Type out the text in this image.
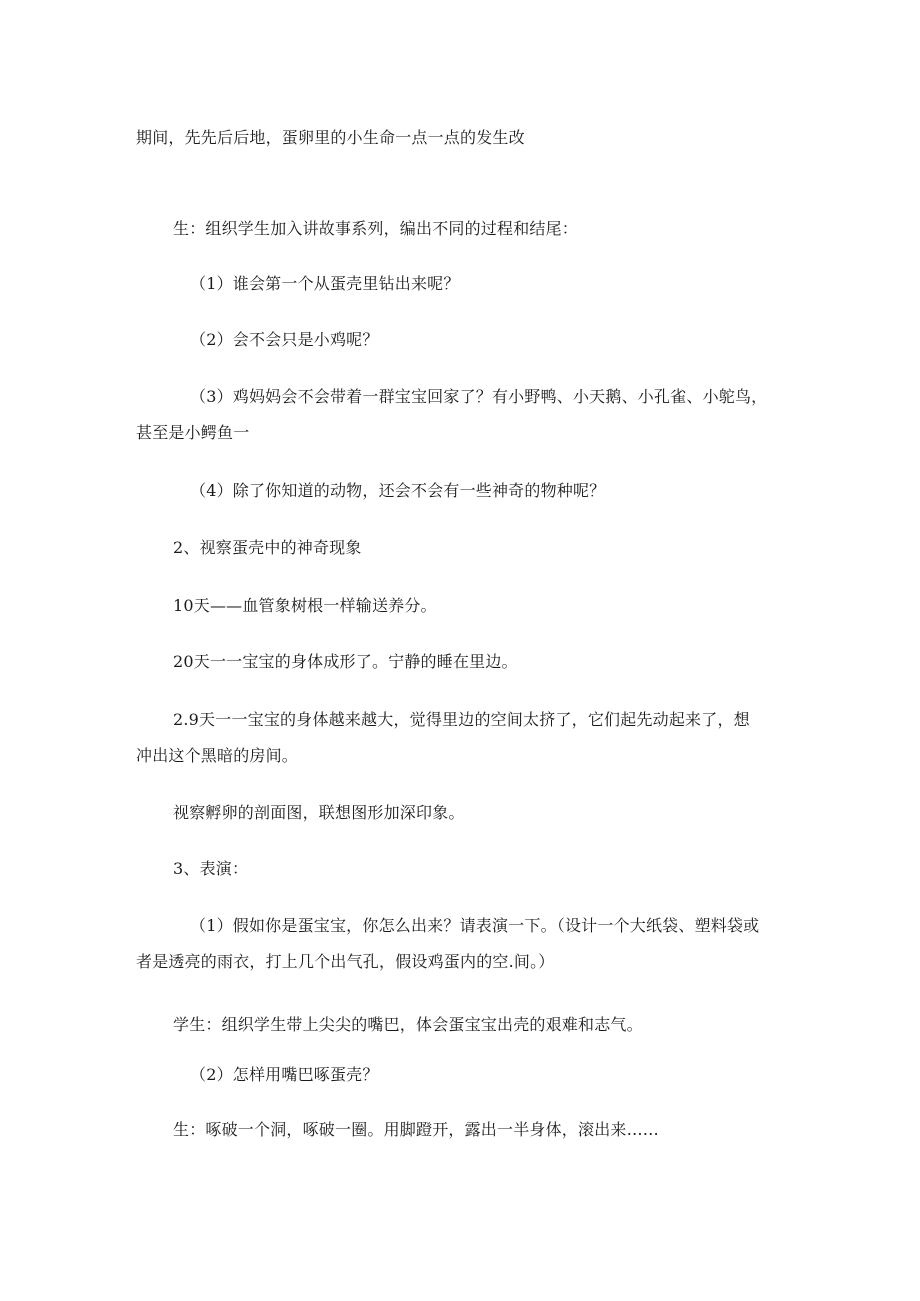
期间，先先后后地，蛋卵里的小生命一点一点的发生改
生：组织学生加入讲故事系列，编出不同的过程和结尾：
（1）谁会第一个从蛋壳里钻出来呢？
（2）会不会只是小鸡呢？
（3）鸡妈妈会不会带着一群宝宝回家了？有小野鸭、小天鹅、小孔雀、小鸵鸟，
甚至是小鳄鱼一
（4）除了你知道的动物，还会不会有一些神奇的物种呢？
2、视察蛋壳中的神奇现象
10天——血管象树根一样输送养分。
20天一一宝宝的身体成形了。宁静的睡在里边。
2.9天一一宝宝的身体越来越大，觉得里边的空间太挤了，它们起先动起来了，想
冲出这个黑暗的房间。
视察孵卵的剖面图，联想图形加深印象。
3、表演：
（1）假如你是蛋宝宝，你怎么出来？请表演一下。（设计一个大纸袋、塑料袋或
者是透亮的雨衣，打上几个出气孔，假设鸡蛋内的空.间。）
学生：组织学生带上尖尖的嘴巴，体会蛋宝宝出壳的艰难和志气。
（2）怎样用嘴巴啄蛋壳？
生：啄破一个洞，啄破一圈。用脚蹬开，露出一半身体，滚出来……
